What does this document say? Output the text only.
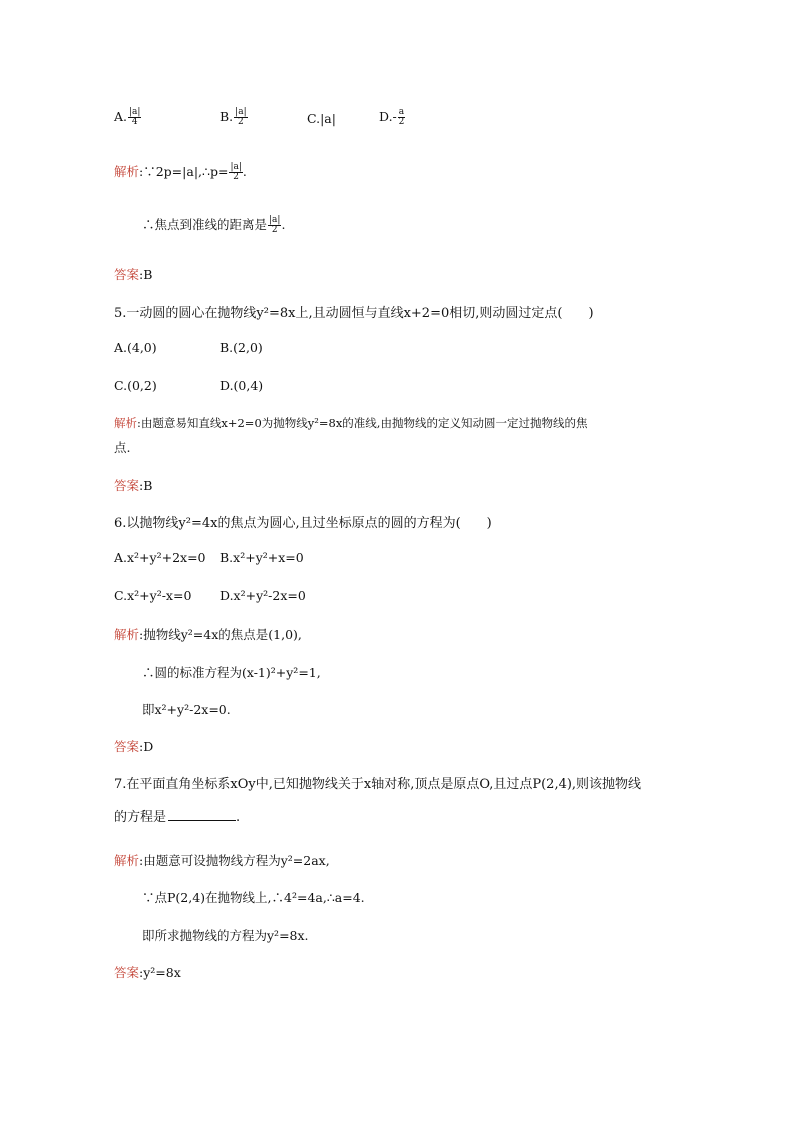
A. $\frac{|a|}{4}$	B. $\frac{|a|}{2}$	C.|a|	$D.- \frac{a}{2}$
解析:∵2p=|a|,∴p= $\frac{|a|}{2}$ .
∴焦点到准线的距离是 $\frac{|a|}{2}$ .
答案:B
5.一动圆的圆心在抛物线y²=8x上,且动圆恒与直线x+2=0相切,则动圆过定点(　　)
A.(4,0)	B.(2,0)
C.(0,2)	D.(0,4)
解析:由题意易知直线x+2=0为抛物线y²=8x的准线,由抛物线的定义知动圆一定过抛物线的焦
点.
答案:B
6.以抛物线y²=4x的焦点为圆心,且过坐标原点的圆的方程为(　　)
A.x²+y²+2x=0 B.x²+y²+x=0
C.x²+y²-x=0 D.x²+y²-2x=0
解析:抛物线y²=4x的焦点是(1,0),
∴圆的标准方程为(x-1)²+y²=1,
即x²+y²-2x=0.
答案:D
7.在平面直角坐标系xOy中,已知抛物线关于x轴对称,顶点是原点O,且过点P(2,4),则该抛物线
的方程是	.
解析:由题意可设抛物线方程为y²=2ax,
∵点P(2,4)在抛物线上,∴4²=4a,∴a=4.
即所求抛物线的方程为y²=8x.
答案:y²=8x
